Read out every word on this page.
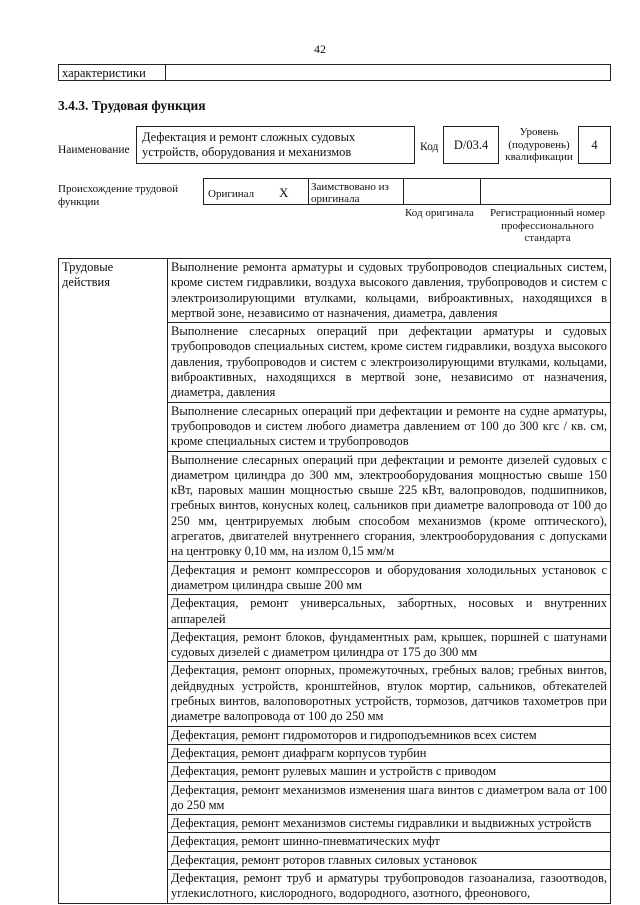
42
характеристики
3.4.3. Трудовая функция
Наименование
Дефектация и ремонт сложных судовых устройств, оборудования и механизмов	Код	D/03.4
Уровень (подуровень) квалификации
4
Происхождение трудовой функции
Оригинал X Заимствовано из оригинала
Код оригинала	Регистрационный номер профессионального стандарта
Трудовые действия	Выполнение ремонта арматуры и судовых трубопроводов специальных систем, кроме систем гидравлики, воздуха высокого давления, трубопроводов и систем с электроизолирующими втулками, кольцами, виброактивных, находящихся в мертвой зоне, независимо от назначения, диаметра, давления
Выполнение слесарных операций при дефектации арматуры и судовых трубопроводов специальных систем, кроме систем гидравлики, воздуха высокого давления, трубопроводов и систем с электроизолирующими втулками, кольцами, виброактивных, находящихся в мертвой зоне, независимо от назначения, диаметра, давления
Выполнение слесарных операций при дефектации и ремонте на судне арматуры, трубопроводов и систем любого диаметра давлением от 100 до 300 кгс / кв. см, кроме специальных систем и трубопроводов
Выполнение слесарных операций при дефектации и ремонте дизелей судовых с диаметром цилиндра до 300 мм, электрооборудования мощностью свыше 150 кВт, паровых машин мощностью свыше 225 кВт, валопроводов, подшипников, гребных винтов, конусных колец, сальников при диаметре валопровода от 100 до 250 мм, центрируемых любым способом механизмов (кроме оптического), агрегатов, двигателей внутреннего сгорания, электрооборудования с допусками на центровку 0,10 мм, на излом 0,15 мм/м
Дефектация и ремонт компрессоров и оборудования холодильных установок с диаметром цилиндра свыше 200 мм
Дефектация, ремонт универсальных, забортных, носовых и внутренних аппарелей
Дефектация, ремонт блоков, фундаментных рам, крышек, поршней с шатунами судовых дизелей с диаметром цилиндра от 175 до 300 мм
Дефектация, ремонт опорных, промежуточных, гребных валов; гребных винтов, дейдвудных устройств, кронштейнов, втулок мортир, сальников, обтекателей гребных винтов, валоповоротных устройств, тормозов, датчиков тахометров при диаметре валопровода от 100 до 250 мм
Дефектация, ремонт гидромоторов и гидроподъемников всех систем
Дефектация, ремонт диафрагм корпусов турбин
Дефектация, ремонт рулевых машин и устройств с приводом
Дефектация, ремонт механизмов изменения шага винтов с диаметром вала от 100 до 250 мм
Дефектация, ремонт механизмов системы гидравлики и выдвижных устройств
Дефектация, ремонт шинно-пневматических муфт
Дефектация, ремонт роторов главных силовых установок
Дефектация, ремонт труб и арматуры трубопроводов газоанализа, газоотводов, углекислотного, кислородного, водородного, азотного, фреонового,
